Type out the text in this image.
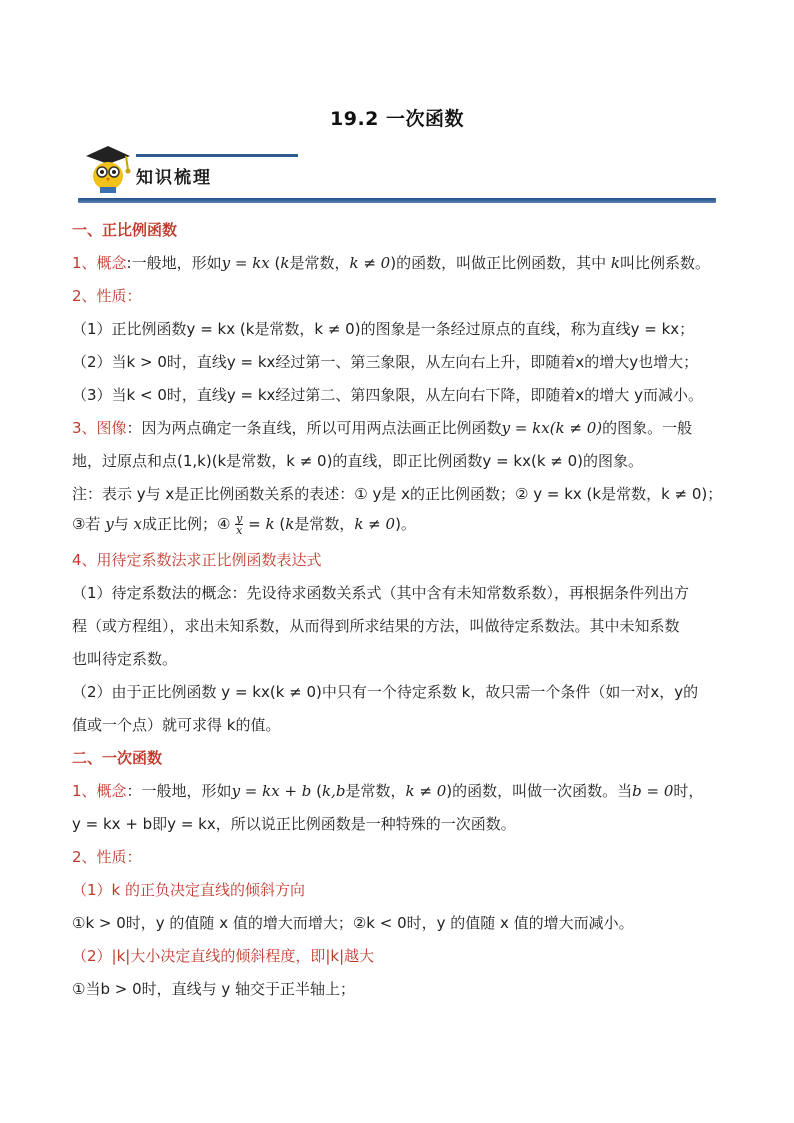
19.2 一次函数
知识梳理
一、正比例函数
1、概念:一般地，形如y = kx (k是常数，k ≠ 0)的函数，叫做正比例函数，其中 k叫比例系数。
2、性质：
（1）正比例函数y = kx (k是常数，k ≠ 0)的图象是一条经过原点的直线，称为直线y = kx；
（2）当k > 0时，直线y = kx经过第一、第三象限，从左向右上升，即随着x的增大y也增大；
（3）当k < 0时，直线y = kx经过第二、第四象限，从左向右下降，即随着x的增大 y而减小。
3、图像：因为两点确定一条直线，所以可用两点法画正比例函数y = kx(k ≠ 0)的图象。一般
地，过原点和点(1,k)(k是常数，k ≠ 0)的直线，即正比例函数y = kx(k ≠ 0)的图象。
注：表示 y与 x是正比例函数关系的表述：① y是 x的正比例函数；② y = kx (k是常数，k ≠ 0)；
③若 y与 x成正比例；④ $\frac{y}{x} = k$ (k是常数，k ≠ 0)。
4、用待定系数法求正比例函数表达式
（1）待定系数法的概念：先设待求函数关系式（其中含有未知常数系数），再根据条件列出方
程（或方程组），求出未知系数，从而得到所求结果的方法，叫做待定系数法。其中未知系数
也叫待定系数。
（2）由于正比例函数 y = kx(k ≠ 0)中只有一个待定系数 k，故只需一个条件（如一对x，y的
值或一个点）就可求得 k的值。
二、一次函数
1、概念：一般地，形如y = kx + b (k,b是常数，k ≠ 0)的函数，叫做一次函数。当b = 0时，
y = kx + b即y = kx，所以说正比例函数是一种特殊的一次函数。
2、性质：
（1）k 的正负决定直线的倾斜方向
①k > 0时，y 的值随 x 值的增大而增大；②k < 0时，y 的值随 x 值的增大而减小。
（2）|k|大小决定直线的倾斜程度，即|k|越大
①当b > 0时，直线与 y 轴交于正半轴上；
